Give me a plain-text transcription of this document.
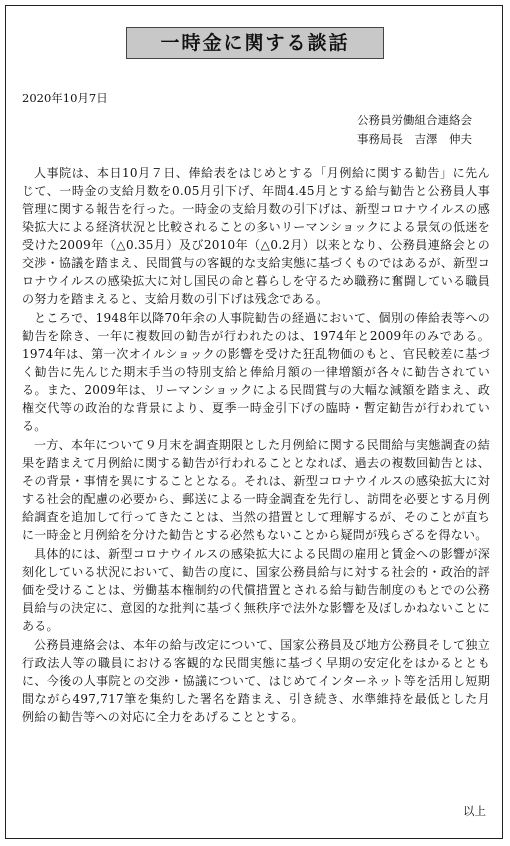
一時金に関する談話
2020年10月7日
公務員労働組合連絡会
事務局長　吉澤　伸夫

人事院は、本日10月７日、俸給表をはじめとする「月例給に関する勧告」に先んじて、一時金の支給月数を0.05月引下げ、年間4.45月とする給与勧告と公務員人事管理に関する報告を行った。一時金の支給月数の引下げは、新型コロナウイルスの感染拡大による経済状況と比較されることの多いリーマンショックによる景気の低迷を受けた2009年（△0.35月）及び2010年（△0.2月）以来となり、公務員連絡会との交渉・協議を踏まえ、民間賞与の客観的な支給実態に基づくものではあるが、新型コロナウイルスの感染拡大に対し国民の命と暮らしを守るため職務に奮闘している職員の努力を踏まえると、支給月数の引下げは残念である。

ところで、1948年以降70年余の人事院勧告の経過において、個別の俸給表等への勧告を除き、一年に複数回の勧告が行われたのは、1974年と2009年のみである。1974年は、第一次オイルショックの影響を受けた狂乱物価のもと、官民較差に基づく勧告に先んじた期末手当の特別支給と俸給月額の一律増額が各々に勧告されている。また、2009年は、リーマンショックによる民間賞与の大幅な減額を踏まえ、政権交代等の政治的な背景により、夏季一時金引下げの臨時・暫定勧告が行われている。

一方、本年について９月末を調査期限とした月例給に関する民間給与実態調査の結果を踏まえて月例給に関する勧告が行われることとなれば、過去の複数回勧告とは、その背景・事情を異にすることとなる。それは、新型コロナウイルスの感染拡大に対する社会的配慮の必要から、郵送による一時金調査を先行し、訪問を必要とする月例給調査を追加して行ってきたことは、当然の措置として理解するが、そのことが直ちに一時金と月例給を分けた勧告とする必然もないことから疑問が残らざるを得ない。

具体的には、新型コロナウイルスの感染拡大による民間の雇用と賃金への影響が深刻化している状況において、勧告の度に、国家公務員給与に対する社会的・政治的評価を受けることは、労働基本権制約の代償措置とされる給与勧告制度のもとでの公務員給与の決定に、意図的な批判に基づく無秩序で法外な影響を及ぼしかねないことにある。

公務員連絡会は、本年の給与改定について、国家公務員及び地方公務員そして独立行政法人等の職員における客観的な民間実態に基づく早期の安定化をはかるとともに、今後の人事院との交渉・協議について、はじめてインターネット等を活用し短期間ながら497,717筆を集約した署名を踏まえ、引き続き、水準維持を最低とした月例給の勧告等への対応に全力をあげることとする。

以上
